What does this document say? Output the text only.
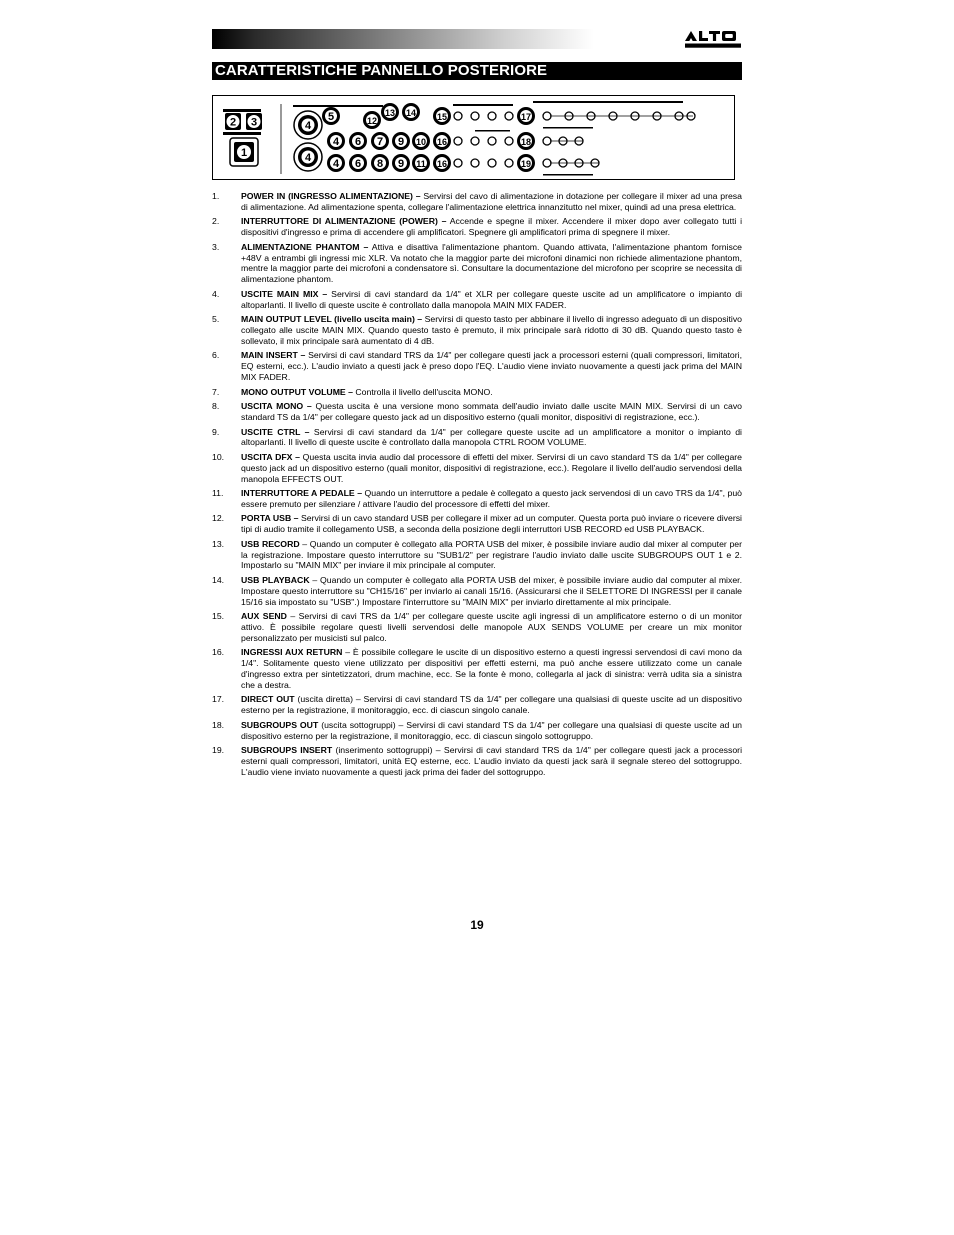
CARATTERISTICHE PANNELLO POSTERIORE
1
2 3	4
4
5
4
4
6
6
12
13 14
7
8
9
9
10
11
15
16
16
17
18
19
1.	POWER IN (INGRESSO ALIMENTAZIONE) – Servirsi del cavo di alimentazione in dotazione per collegare il mixer ad una presa di alimentazione. Ad alimentazione spenta, collegare l'alimentazione elettrica innanzitutto nel mixer, quindi ad una presa elettrica.
2.	INTERRUTTORE DI ALIMENTAZIONE (POWER) – Accende e spegne il mixer. Accendere il mixer dopo aver collegato tutti i dispositivi d'ingresso e prima di accendere gli amplificatori. Spegnere gli amplificatori prima di spegnere il mixer.
3.	ALIMENTAZIONE PHANTOM – Attiva e disattiva l'alimentazione phantom. Quando attivata, l'alimentazione phantom fornisce +48V a entrambi gli ingressi mic XLR. Va notato che la maggior parte dei microfoni dinamici non richiede alimentazione phantom, mentre la maggior parte dei microfoni a condensatore sì. Consultare la documentazione del microfono per scoprire se necessita di alimentazione phantom.
4.	USCITE MAIN MIX – Servirsi di cavi standard da 1/4" et XLR per collegare queste uscite ad un amplificatore o impianto di altoparlanti. Il livello di queste uscite è controllato dalla manopola MAIN MIX FADER.
5.	MAIN OUTPUT LEVEL (livello uscita main) – Servirsi di questo tasto per abbinare il livello di ingresso adeguato di un dispositivo collegato alle uscite MAIN MIX. Quando questo tasto è premuto, il mix principale sarà ridotto di 30 dB. Quando questo tasto è sollevato, il mix principale sarà aumentato di 4 dB.
6.	MAIN INSERT – Servirsi di cavi standard TRS da 1/4" per collegare questi jack a processori esterni (quali compressori, limitatori, EQ esterni, ecc.). L'audio inviato a questi jack è preso dopo l'EQ. L'audio viene inviato nuovamente a questi jack prima del MAIN MIX FADER.
7.	MONO OUTPUT VOLUME – Controlla il livello dell'uscita MONO.
8.	USCITA MONO – Questa uscita è una versione mono sommata dell'audio inviato dalle uscite MAIN MIX. Servirsi di un cavo standard TS da 1/4" per collegare questo jack ad un dispositivo esterno (quali monitor, dispositivi di registrazione, ecc.).
9.	USCITE CTRL – Servirsi di cavi standard da 1/4" per collegare queste uscite ad un amplificatore a monitor o impianto di altoparlanti. Il livello di queste uscite è controllato dalla manopola CTRL ROOM VOLUME.
10. USCITA DFX – Questa uscita invia audio dal processore di effetti del mixer. Servirsi di un cavo standard TS da 1/4" per collegare questo jack ad un dispositivo esterno (quali monitor, dispositivi di registrazione, ecc.). Regolare il livello dell'audio servendosi della manopola EFFECTS OUT.
11. INTERRUTTORE A PEDALE – Quando un interruttore a pedale è collegato a questo jack servendosi di un cavo TRS da 1/4", può essere premuto per silenziare / attivare l'audio del processore di effetti del mixer.
12. PORTA USB – Servirsi di un cavo standard USB per collegare il mixer ad un computer. Questa porta può inviare o ricevere diversi tipi di audio tramite il collegamento USB, a seconda della posizione degli interruttori USB RECORD ed USB PLAYBACK.
13. USB RECORD – Quando un computer è collegato alla PORTA USB del mixer, è possibile inviare audio dal mixer al computer per la registrazione. Impostare questo interruttore su "SUB1/2" per registrare l'audio inviato dalle uscite SUBGROUPS OUT 1 e 2. Impostarlo su "MAIN MIX" per inviare il mix principale al computer.
14. USB PLAYBACK – Quando un computer è collegato alla PORTA USB del mixer, è possibile inviare audio dal computer al mixer. Impostare questo interruttore su "CH15/16" per inviarlo ai canali 15/16. (Assicurarsi che il SELETTORE DI INGRESSI per il canale 15/16 sia impostato su "USB".) Impostare l'interruttore su "MAIN MIX" per inviarlo direttamente al mix principale.
15. AUX SEND – Servirsi di cavi TRS da 1/4" per collegare queste uscite agli ingressi di un amplificatore esterno o di un monitor attivo. È possibile regolare questi livelli servendosi delle manopole AUX SENDS VOLUME per creare un mix monitor personalizzato per musicisti sul palco.
16. INGRESSI AUX RETURN – È possibile collegare le uscite di un dispositivo esterno a questi ingressi servendosi di cavi mono da 1/4". Solitamente questo viene utilizzato per dispositivi per effetti esterni, ma può anche essere utilizzato come un canale d'ingresso extra per sintetizzatori, drum machine, ecc. Se la fonte è mono, collegarla al jack di sinistra: verrà udita sia a sinistra che a destra.
17. DIRECT OUT (uscita diretta) – Servirsi di cavi standard TS da 1/4" per collegare una qualsiasi di queste uscite ad un dispositivo esterno per la registrazione, il monitoraggio, ecc. di ciascun singolo canale.
18. SUBGROUPS OUT (uscita sottogruppi) – Servirsi di cavi standard TS da 1/4" per collegare una qualsiasi di queste uscite ad un dispositivo esterno per la registrazione, il monitoraggio, ecc. di ciascun singolo sottogruppo.
19. SUBGROUPS INSERT (inserimento sottogruppi) – Servirsi di cavi standard TRS da 1/4" per collegare questi jack a processori esterni quali compressori, limitatori, unità EQ esterne, ecc. L'audio inviato da questi jack sarà il segnale stereo del sottogruppo. L'audio viene inviato nuovamente a questi jack prima dei fader del sottogruppo.
19
